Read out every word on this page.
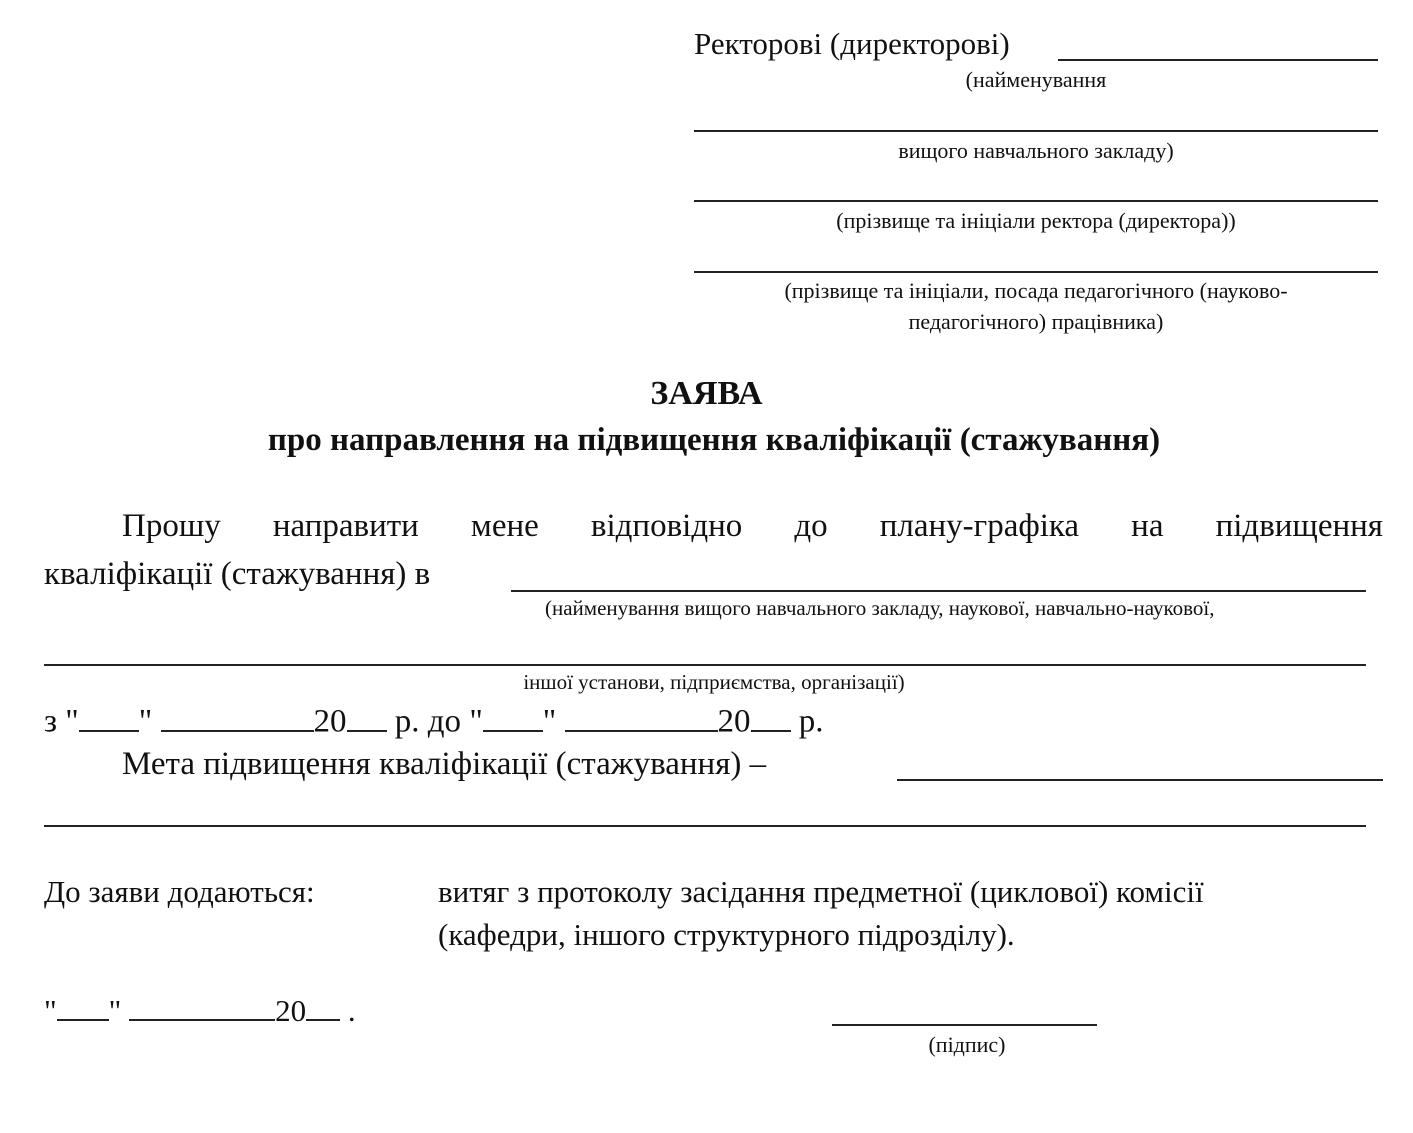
Ректорові (директорові)
(найменування
вищого навчального закладу)
(прізвище та ініціали ректора (директора))
(прізвище та ініціали, посада педагогічного (науково-
педагогічного) працівника)
ЗАЯВА
про направлення на підвищення кваліфікації (стажування)
Прошу направити мене відповідно до плану-графіка на підвищення
кваліфікації (стажування) в
(найменування вищого навчального закладу, наукової, навчально-наукової,
іншої установи, підприємства, організації)
з " "	20 р. до " "	20 р.
Мета підвищення кваліфікації (стажування) –
До заяви додаються:	витяг з протоколу засідання предметної (циклової) комісії
(кафедри, іншого структурного підрозділу).
" "	20 .
(підпис)
